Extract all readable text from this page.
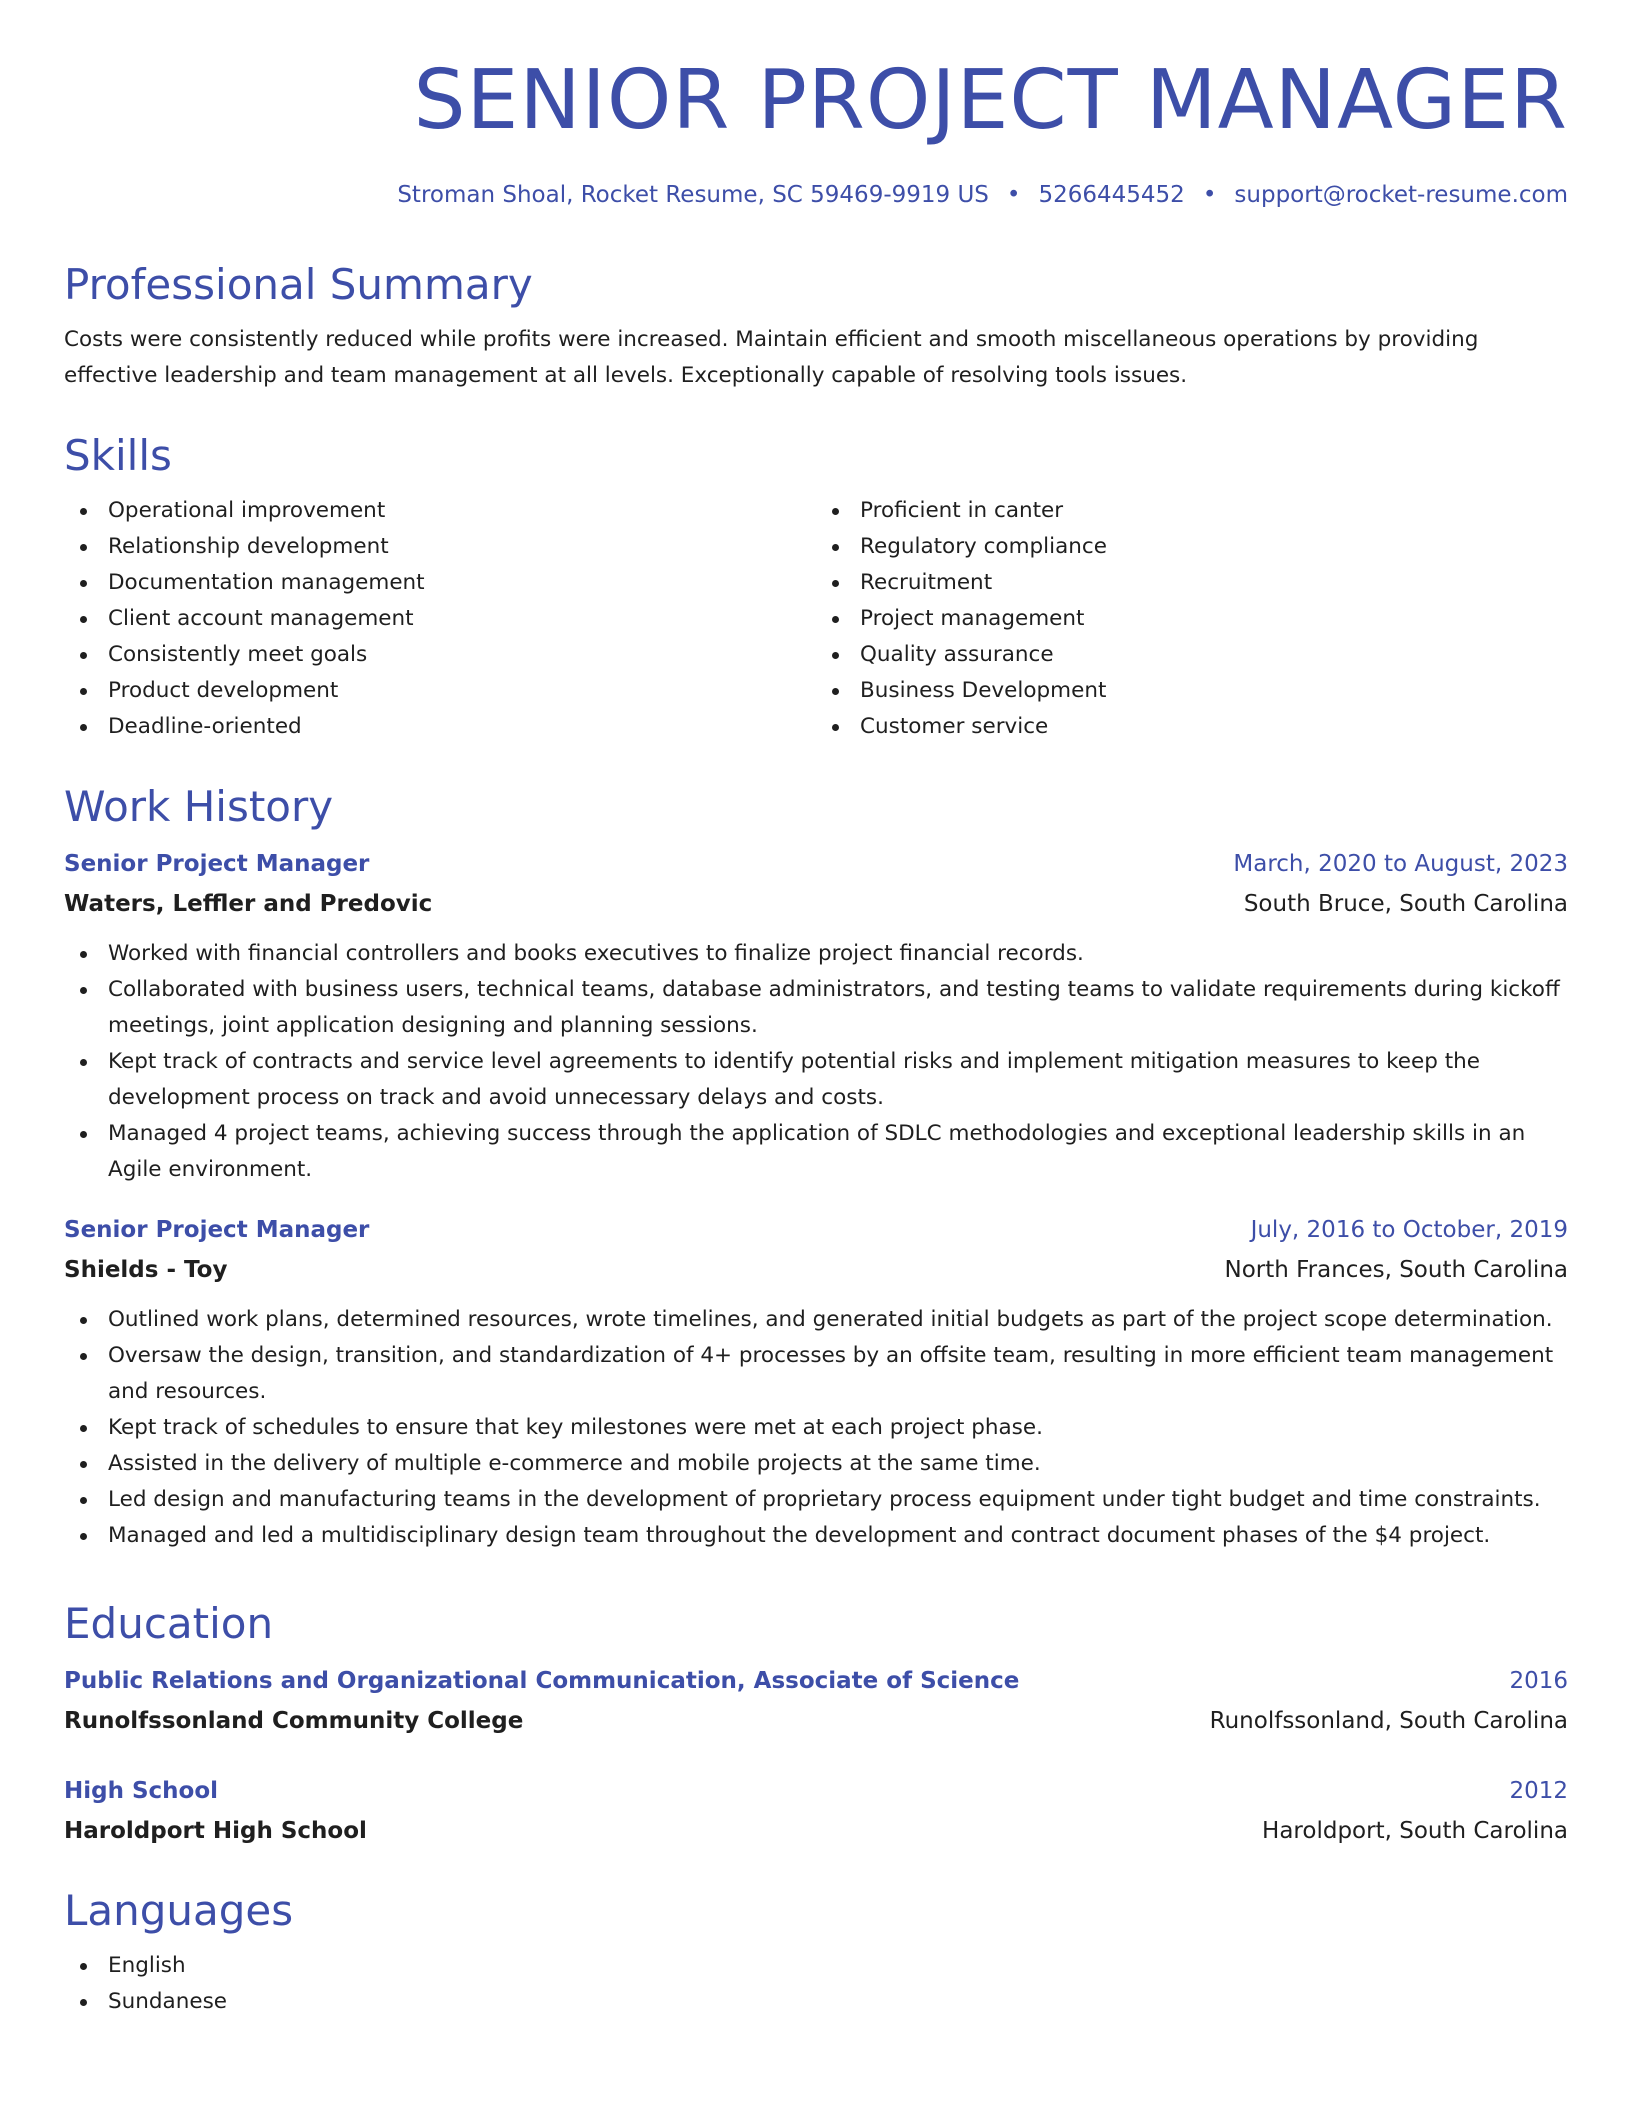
SENIOR PROJECT MANAGER
Stroman Shoal, Rocket Resume, SC 59469-9919 US • 5266445452 • support@rocket-resume.com
Professional Summary
Costs were consistently reduced while profits were increased. Maintain efficient and smooth miscellaneous operations by providing effective leadership and team management at all levels. Exceptionally capable of resolving tools issues.
Skills
Operational improvement
Relationship development
Documentation management
Client account management
Consistently meet goals
Product development
Deadline-oriented
Proficient in canter
Regulatory compliance
Recruitment
Project management
Quality assurance
Business Development
Customer service
Work History
Senior Project Manager	March, 2020 to August, 2023
Waters, Leffler and Predovic	South Bruce, South Carolina
Worked with financial controllers and books executives to finalize project financial records.
Collaborated with business users, technical teams, database administrators, and testing teams to validate requirements during kickoff meetings, joint application designing and planning sessions.
Kept track of contracts and service level agreements to identify potential risks and implement mitigation measures to keep the development process on track and avoid unnecessary delays and costs.
Managed 4 project teams, achieving success through the application of SDLC methodologies and exceptional leadership skills in an Agile environment.
Senior Project Manager	July, 2016 to October, 2019
Shields - Toy	North Frances, South Carolina
Outlined work plans, determined resources, wrote timelines, and generated initial budgets as part of the project scope determination.
Oversaw the design, transition, and standardization of 4+ processes by an offsite team, resulting in more efficient team management and resources.
Kept track of schedules to ensure that key milestones were met at each project phase.
Assisted in the delivery of multiple e-commerce and mobile projects at the same time.
Led design and manufacturing teams in the development of proprietary process equipment under tight budget and time constraints.
Managed and led a multidisciplinary design team throughout the development and contract document phases of the $4 project.
Education
Public Relations and Organizational Communication, Associate of Science	2016
Runolfssonland Community College	Runolfssonland, South Carolina
High School	2012
Haroldport High School	Haroldport, South Carolina
Languages
English
Sundanese
